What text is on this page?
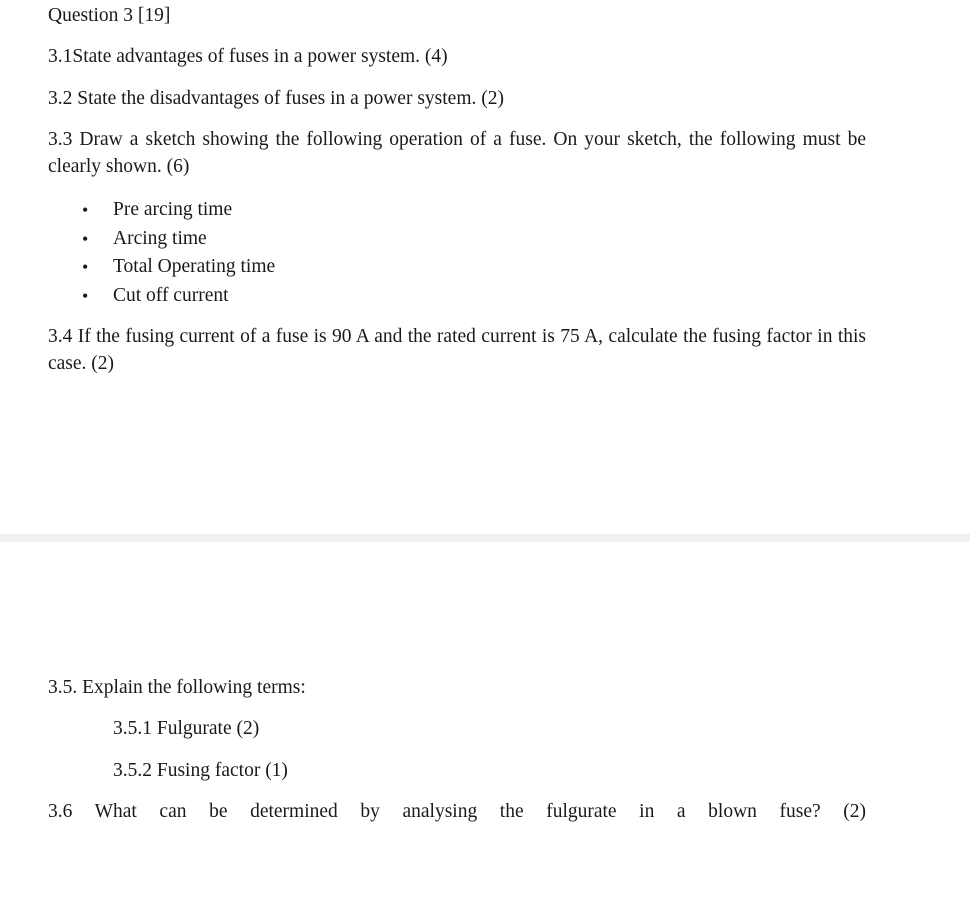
Question 3 [19]
3.1State advantages of fuses in a power system. (4)
3.2 State the disadvantages of fuses in a power system. (2)
3.3 Draw a sketch showing the following operation of a fuse. On your sketch, the following must be clearly shown. (6)
• Pre arcing time
• Arcing time
• Total Operating time
• Cut off current
3.4 If the fusing current of a fuse is 90 A and the rated current is 75 A, calculate the fusing factor in this case. (2)
3.5. Explain the following terms:
3.5.1 Fulgurate (2)
3.5.2 Fusing factor (1)
3.6 What can be determined by analysing the fulgurate in a blown fuse? (2)
